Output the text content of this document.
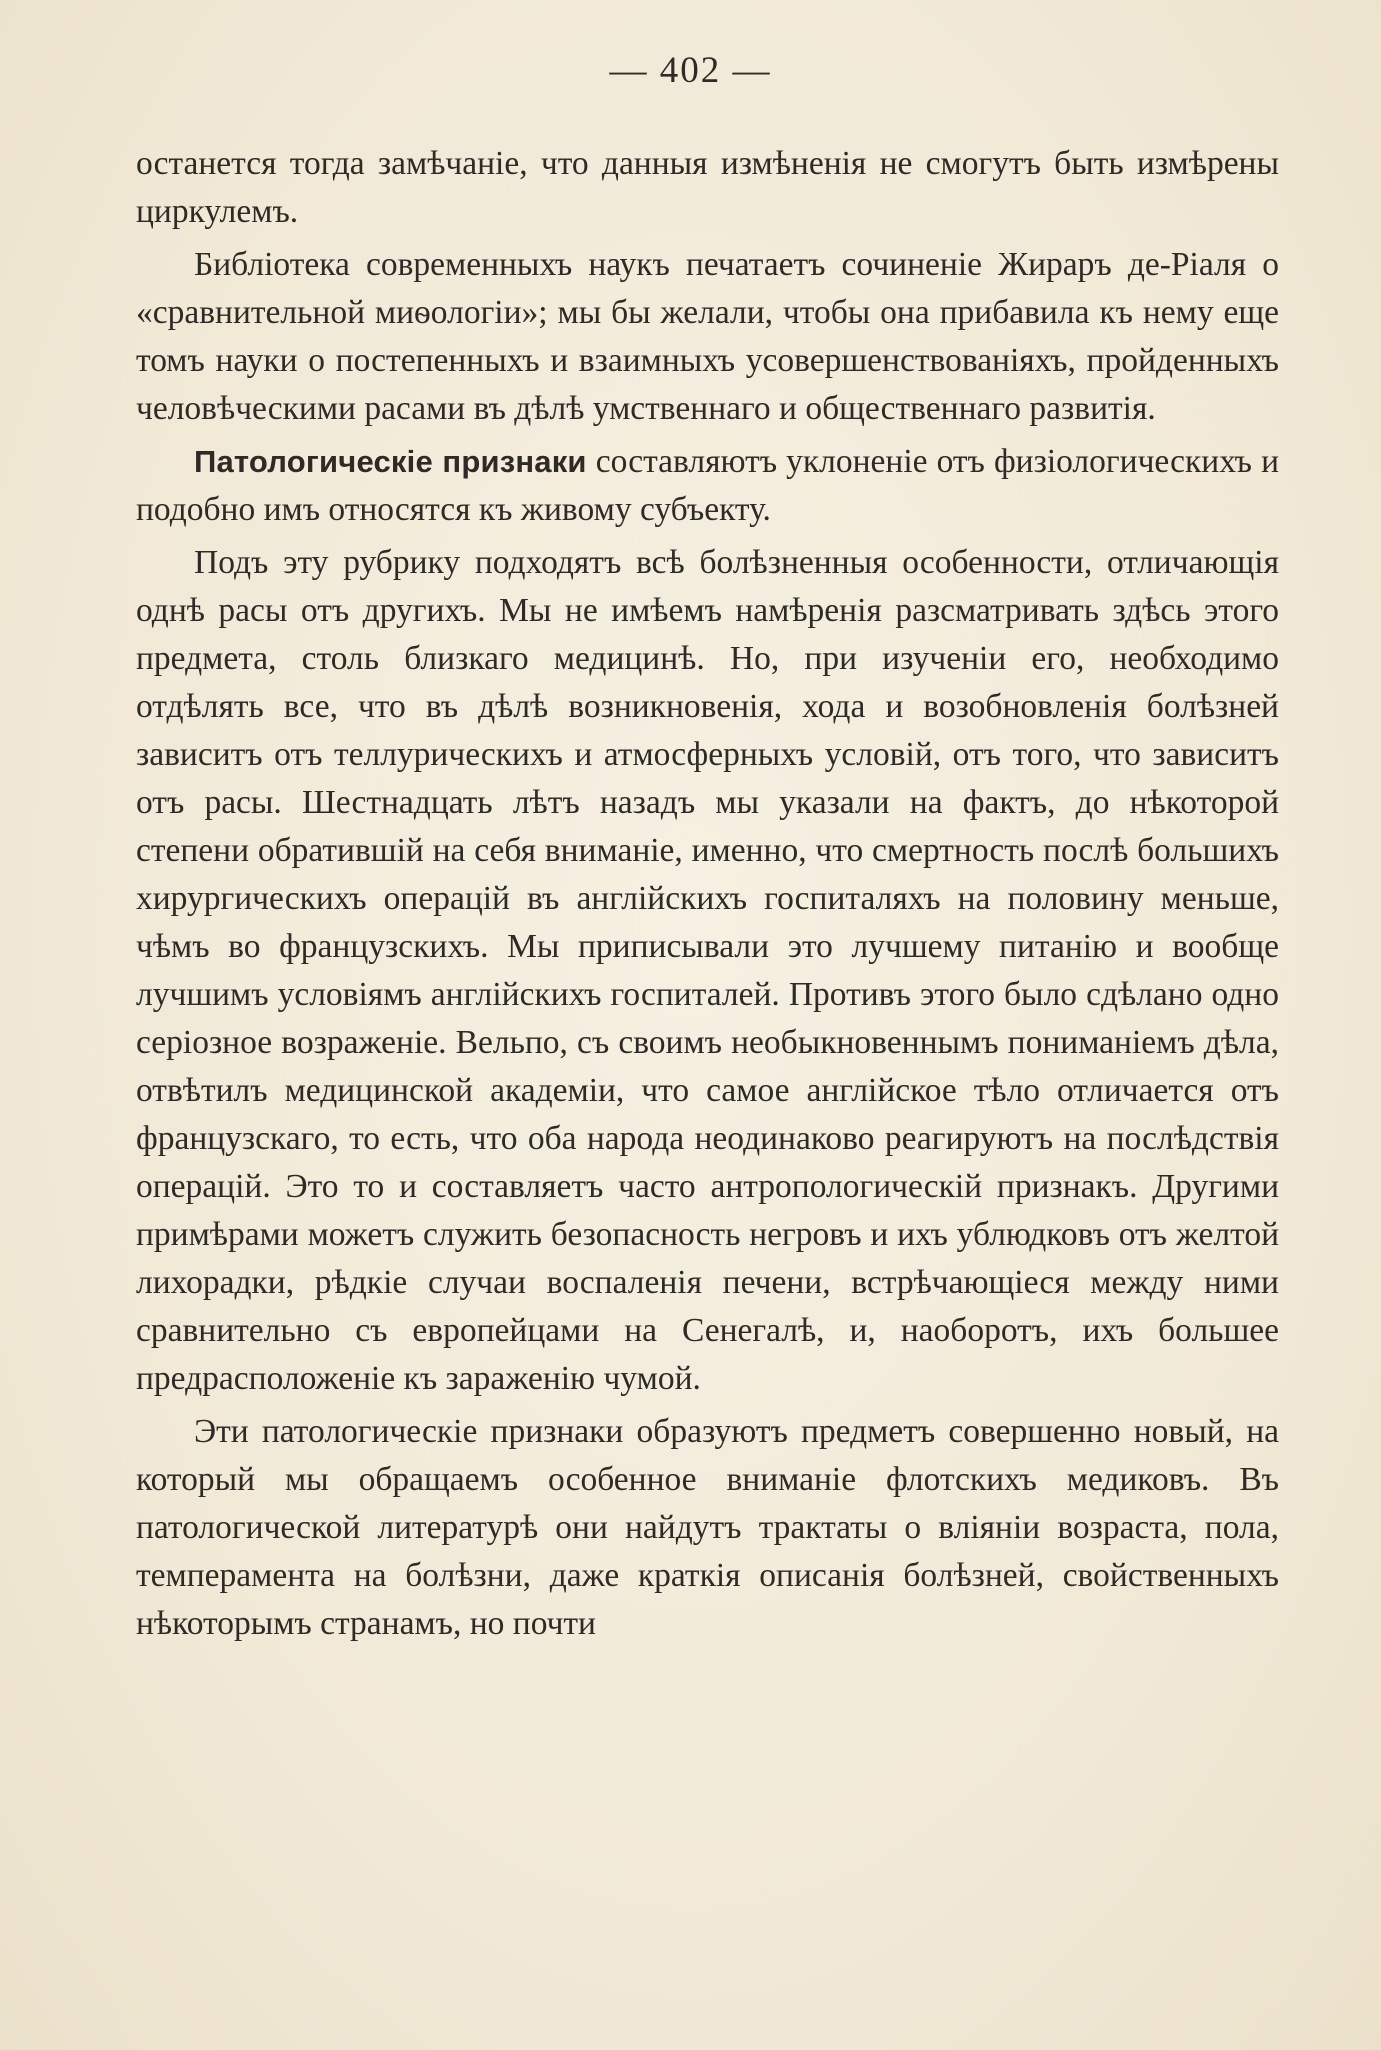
— 402 —

останется тогда замѣчаніе, что данныя измѣненія не смогутъ быть измѣрены циркулемъ.

Библіотека современныхъ наукъ печатаетъ сочиненіе Жираръ де-Ріаля о «сравнительной миѳологіи»; мы бы желали, чтобы она прибавила къ нему еще томъ науки о постепенныхъ и взаимныхъ усовершенствованіяхъ, пройденныхъ человѣческими расами въ дѣлѣ умственнаго и общественнаго развитія.

Патологическіе признаки составляютъ уклоненіе отъ физіологическихъ и подобно имъ относятся къ живому субъекту.

Подъ эту рубрику подходятъ всѣ болѣзненныя особенности, отличающія однѣ расы отъ другихъ. Мы не имѣемъ намѣренія разсматривать здѣсь этого предмета, столь близкаго медицинѣ. Но, при изученіи его, необходимо отдѣлять все, что въ дѣлѣ возникновенія, хода и возобновленія болѣзней зависитъ отъ теллурическихъ и атмосферныхъ условій, отъ того, что зависитъ отъ расы. Шестнадцать лѣтъ назадъ мы указали на фактъ, до нѣкоторой степени обратившій на себя вниманіе, именно, что смертность послѣ большихъ хирургическихъ операцій въ англійскихъ госпиталяхъ на половину меньше, чѣмъ во французскихъ. Мы приписывали это лучшему питанію и вообще лучшимъ условіямъ англійскихъ госпиталей. Противъ этого было сдѣлано одно серіозное возраженіе. Вельпо, съ своимъ необыкновеннымъ пониманіемъ дѣла, отвѣтилъ медицинской академіи, что самое англійское тѣло отличается отъ французскаго, то есть, что оба народа неодинаково реагируютъ на послѣдствія операцій. Это то и составляетъ часто антропологическій признакъ. Другими примѣрами можетъ служить безопасность негровъ и ихъ ублюдковъ отъ желтой лихорадки, рѣдкіе случаи воспаленія печени, встрѣчающіеся между ними сравнительно съ европейцами на Сенегалѣ, и, наоборотъ, ихъ большее предрасположеніе къ зараженію чумой.

Эти патологическіе признаки образуютъ предметъ совершенно новый, на который мы обращаемъ особенное вниманіе флотскихъ медиковъ. Въ патологической литературѣ они найдутъ трактаты о вліяніи возраста, пола, темперамента на болѣзни, даже краткія описанія болѣзней, свойственныхъ нѣкоторымъ странамъ, но почти
